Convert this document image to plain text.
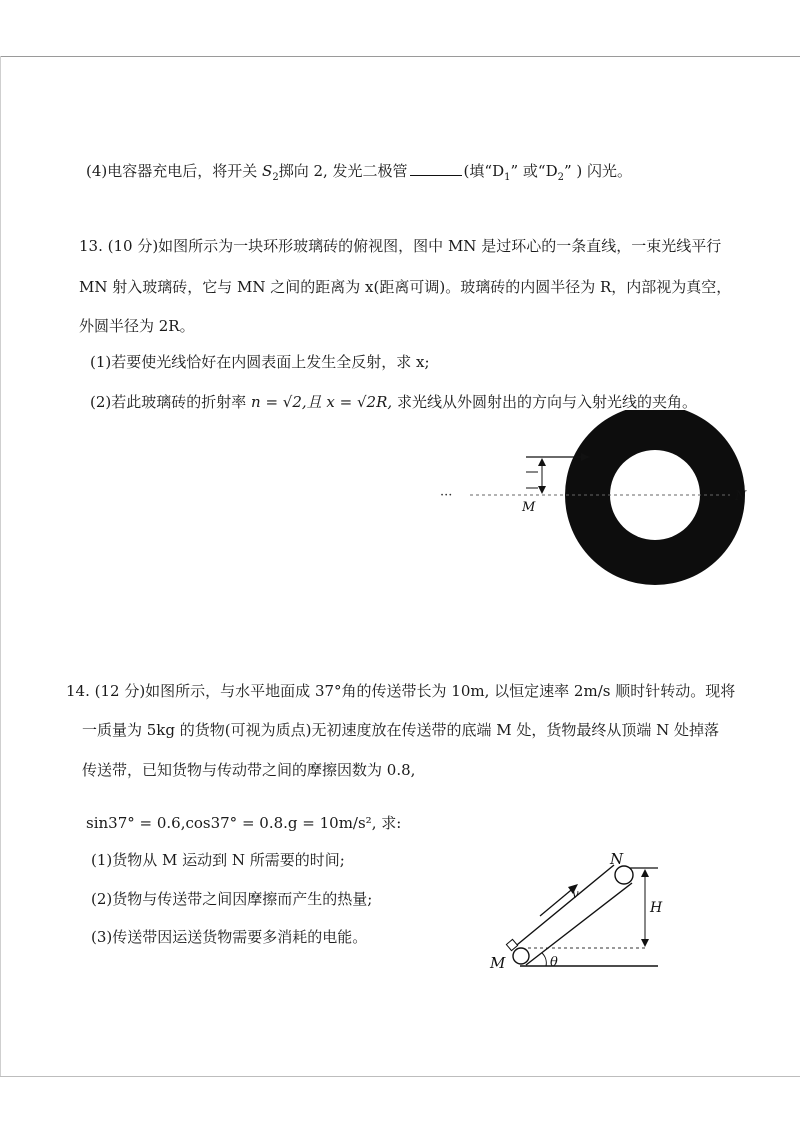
(4)电容器充电后，将开关 $S_2$掷向 2, 发光二极管	(填“$D_1$” 或“$D_2$” ) 闪光。
13. (10 分)如图所示为一块环形玻璃砖的俯视图，图中 MN 是过环心的一条直线，一束光线平行
MN 射入玻璃砖，它与 MN 之间的距离为 x(距离可调)。玻璃砖的内圆半径为 R，内部视为真空，
外圆半径为 2R。
(1)若要使光线恰好在内圆表面上发生全反射，求 x;
(2)若此玻璃砖的折射率 n = √2,且 x = √2R, 求光线从外圆射出的方向与入射光线的夹角。
···
M
N
14. (12 分)如图所示，与水平地面成 37°角的传送带长为 10m, 以恒定速率 2m/s 顺时针转动。现将
一质量为 5kg 的货物(可视为质点)无初速度放在传送带的底端 M 处，货物最终从顶端 N 处掉落
传送带，已知货物与传动带之间的摩擦因数为 0.8,
sin37° = 0.6,cos37° = 0.8.g = 10m/s², 求:
(1)货物从 M 运动到 N 所需要的时间;
(2)货物与传送带之间因摩擦而产生的热量;
(3)传送带因运送货物需要多消耗的电能。
v
H
N
M	θ
